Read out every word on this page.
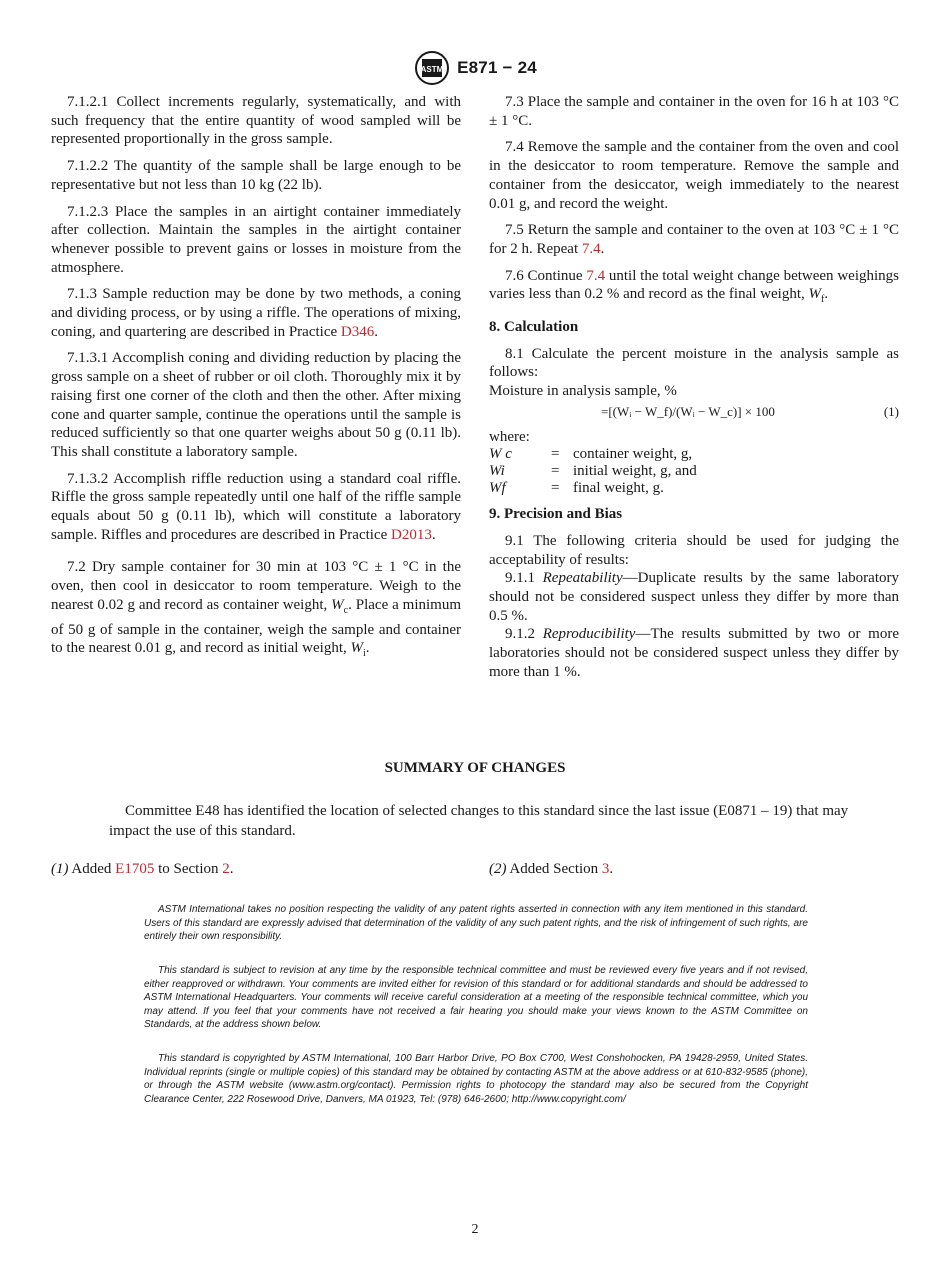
ASTM E871 − 24

7.1.2.1 Collect increments regularly, systematically, and with such frequency that the entire quantity of wood sampled will be represented proportionally in the gross sample.

7.1.2.2 The quantity of the sample shall be large enough to be representative but not less than 10 kg (22 lb).

7.1.2.3 Place the samples in an airtight container immediately after collection. Maintain the samples in the airtight container whenever possible to prevent gains or losses in moisture from the atmosphere.

7.1.3 Sample reduction may be done by two methods, a coning and dividing process, or by using a riffle. The operations of mixing, coning, and quartering are described in Practice D346.

7.1.3.1 Accomplish coning and dividing reduction by placing the gross sample on a sheet of rubber or oil cloth. Thoroughly mix it by raising first one corner of the cloth and then the other. After mixing cone and quarter sample, continue the operations until the sample is reduced sufficiently so that one quarter weighs about 50 g (0.11 lb). This shall constitute a laboratory sample.

7.1.3.2 Accomplish riffle reduction using a standard coal riffle. Riffle the gross sample repeatedly until one half of the riffle sample equals about 50 g (0.11 lb), which will constitute a laboratory sample. Riffles and procedures are described in Practice D2013.

7.2 Dry sample container for 30 min at 103 °C ± 1 °C in the oven, then cool in desiccator to room temperature. Weigh to the nearest 0.02 g and record as container weight, $W_c$. Place a minimum of 50 g of sample in the container, weigh the sample and container to the nearest 0.01 g, and record as initial weight, $W_i$.

7.3 Place the sample and container in the oven for 16 h at 103 °C ± 1 °C.

7.4 Remove the sample and the container from the oven and cool in the desiccator to room temperature. Remove the sample and container from the desiccator, weigh immediately to the nearest 0.01 g, and record the weight.

7.5 Return the sample and container to the oven at 103 °C ± 1 °C for 2 h. Repeat 7.4.

7.6 Continue 7.4 until the total weight change between weighings varies less than 0.2 % and record as the final weight, $W_f$.

8. Calculation

8.1 Calculate the percent moisture in the analysis sample as follows:

Moisture in analysis sample, %

=[(Wᵢ − W_f)/(Wᵢ − W_c)] × 100	(1)

where:

W c	= container weight, g,
Wi	= initial weight, g, and
Wf	= final weight, g.

9. Precision and Bias

9.1 The following criteria should be used for judging the acceptability of results:

9.1.1 Repeatability—Duplicate results by the same laboratory should not be considered suspect unless they differ by more than 0.5 %.

9.1.2 Reproducibility—The results submitted by two or more laboratories should not be considered suspect unless they differ by more than 1 %.

SUMMARY OF CHANGES
Committee E48 has identified the location of selected changes to this standard since the last issue (E0871 – 19) that may impact the use of this standard.
(1) Added E1705 to Section 2.	(2) Added Section 3.

ASTM International takes no position respecting the validity of any patent rights asserted in connection with any item mentioned in this standard. Users of this standard are expressly advised that determination of the validity of any such patent rights, and the risk of infringement of such rights, are entirely their own responsibility.

This standard is subject to revision at any time by the responsible technical committee and must be reviewed every five years and if not revised, either reapproved or withdrawn. Your comments are invited either for revision of this standard or for additional standards and should be addressed to ASTM International Headquarters. Your comments will receive careful consideration at a meeting of the responsible technical committee, which you may attend. If you feel that your comments have not received a fair hearing you should make your views known to the ASTM Committee on Standards, at the address shown below.

This standard is copyrighted by ASTM International, 100 Barr Harbor Drive, PO Box C700, West Conshohocken, PA 19428-2959, United States. Individual reprints (single or multiple copies) of this standard may be obtained by contacting ASTM at the above address or at 610-832-9585 (phone), or through the ASTM website (www.astm.org/contact). Permission rights to photocopy the standard may also be secured from the Copyright Clearance Center, 222 Rosewood Drive, Danvers, MA 01923, Tel: (978) 646-2600; http://www.copyright.com/

2
